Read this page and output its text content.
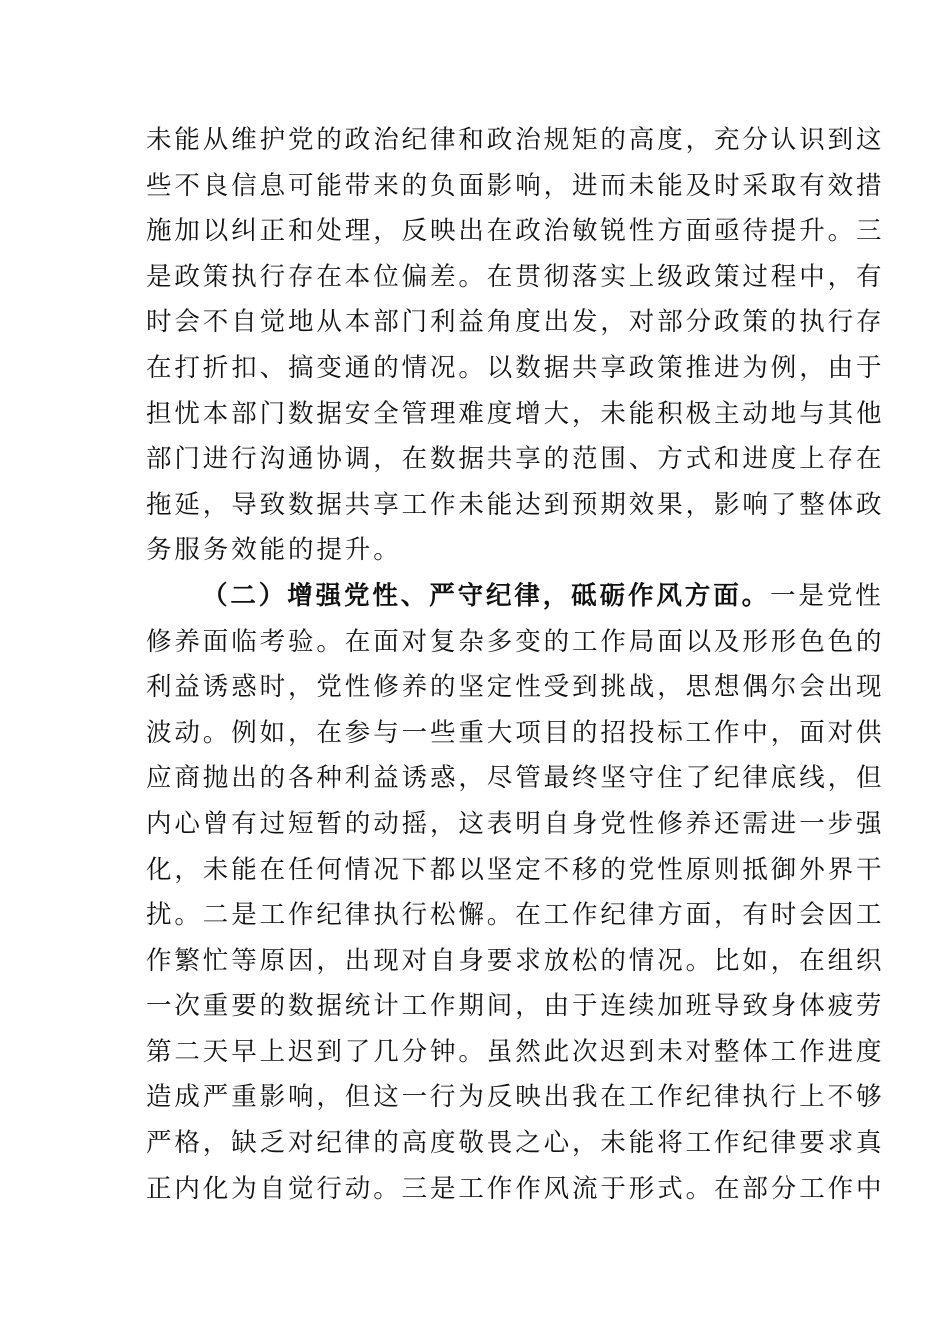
未能从维护党的政治纪律和政治规矩的高度，充分认识到这
些不良信息可能带来的负面影响，进而未能及时采取有效措
施加以纠正和处理，反映出在政治敏锐性方面亟待提升。三
是政策执行存在本位偏差。在贯彻落实上级政策过程中，有
时会不自觉地从本部门利益角度出发，对部分政策的执行存
在打折扣、搞变通的情况。以数据共享政策推进为例，由于
担忧本部门数据安全管理难度增大，未能积极主动地与其他
部门进行沟通协调，在数据共享的范围、方式和进度上存在
拖延，导致数据共享工作未能达到预期效果，影响了整体政
务服务效能的提升。
（二）增强党性、严守纪律，砥砺作风方面。一是党性
修养面临考验。在面对复杂多变的工作局面以及形形色色的
利益诱惑时，党性修养的坚定性受到挑战，思想偶尔会出现
波动。例如，在参与一些重大项目的招投标工作中，面对供
应商抛出的各种利益诱惑，尽管最终坚守住了纪律底线，但
内心曾有过短暂的动摇，这表明自身党性修养还需进一步强
化，未能在任何情况下都以坚定不移的党性原则抵御外界干
扰。二是工作纪律执行松懈。在工作纪律方面，有时会因工
作繁忙等原因，出现对自身要求放松的情况。比如，在组织
一次重要的数据统计工作期间，由于连续加班导致身体疲劳
第二天早上迟到了几分钟。虽然此次迟到未对整体工作进度
造成严重影响，但这一行为反映出我在工作纪律执行上不够
严格，缺乏对纪律的高度敬畏之心，未能将工作纪律要求真
正内化为自觉行动。三是工作作风流于形式。在部分工作中
